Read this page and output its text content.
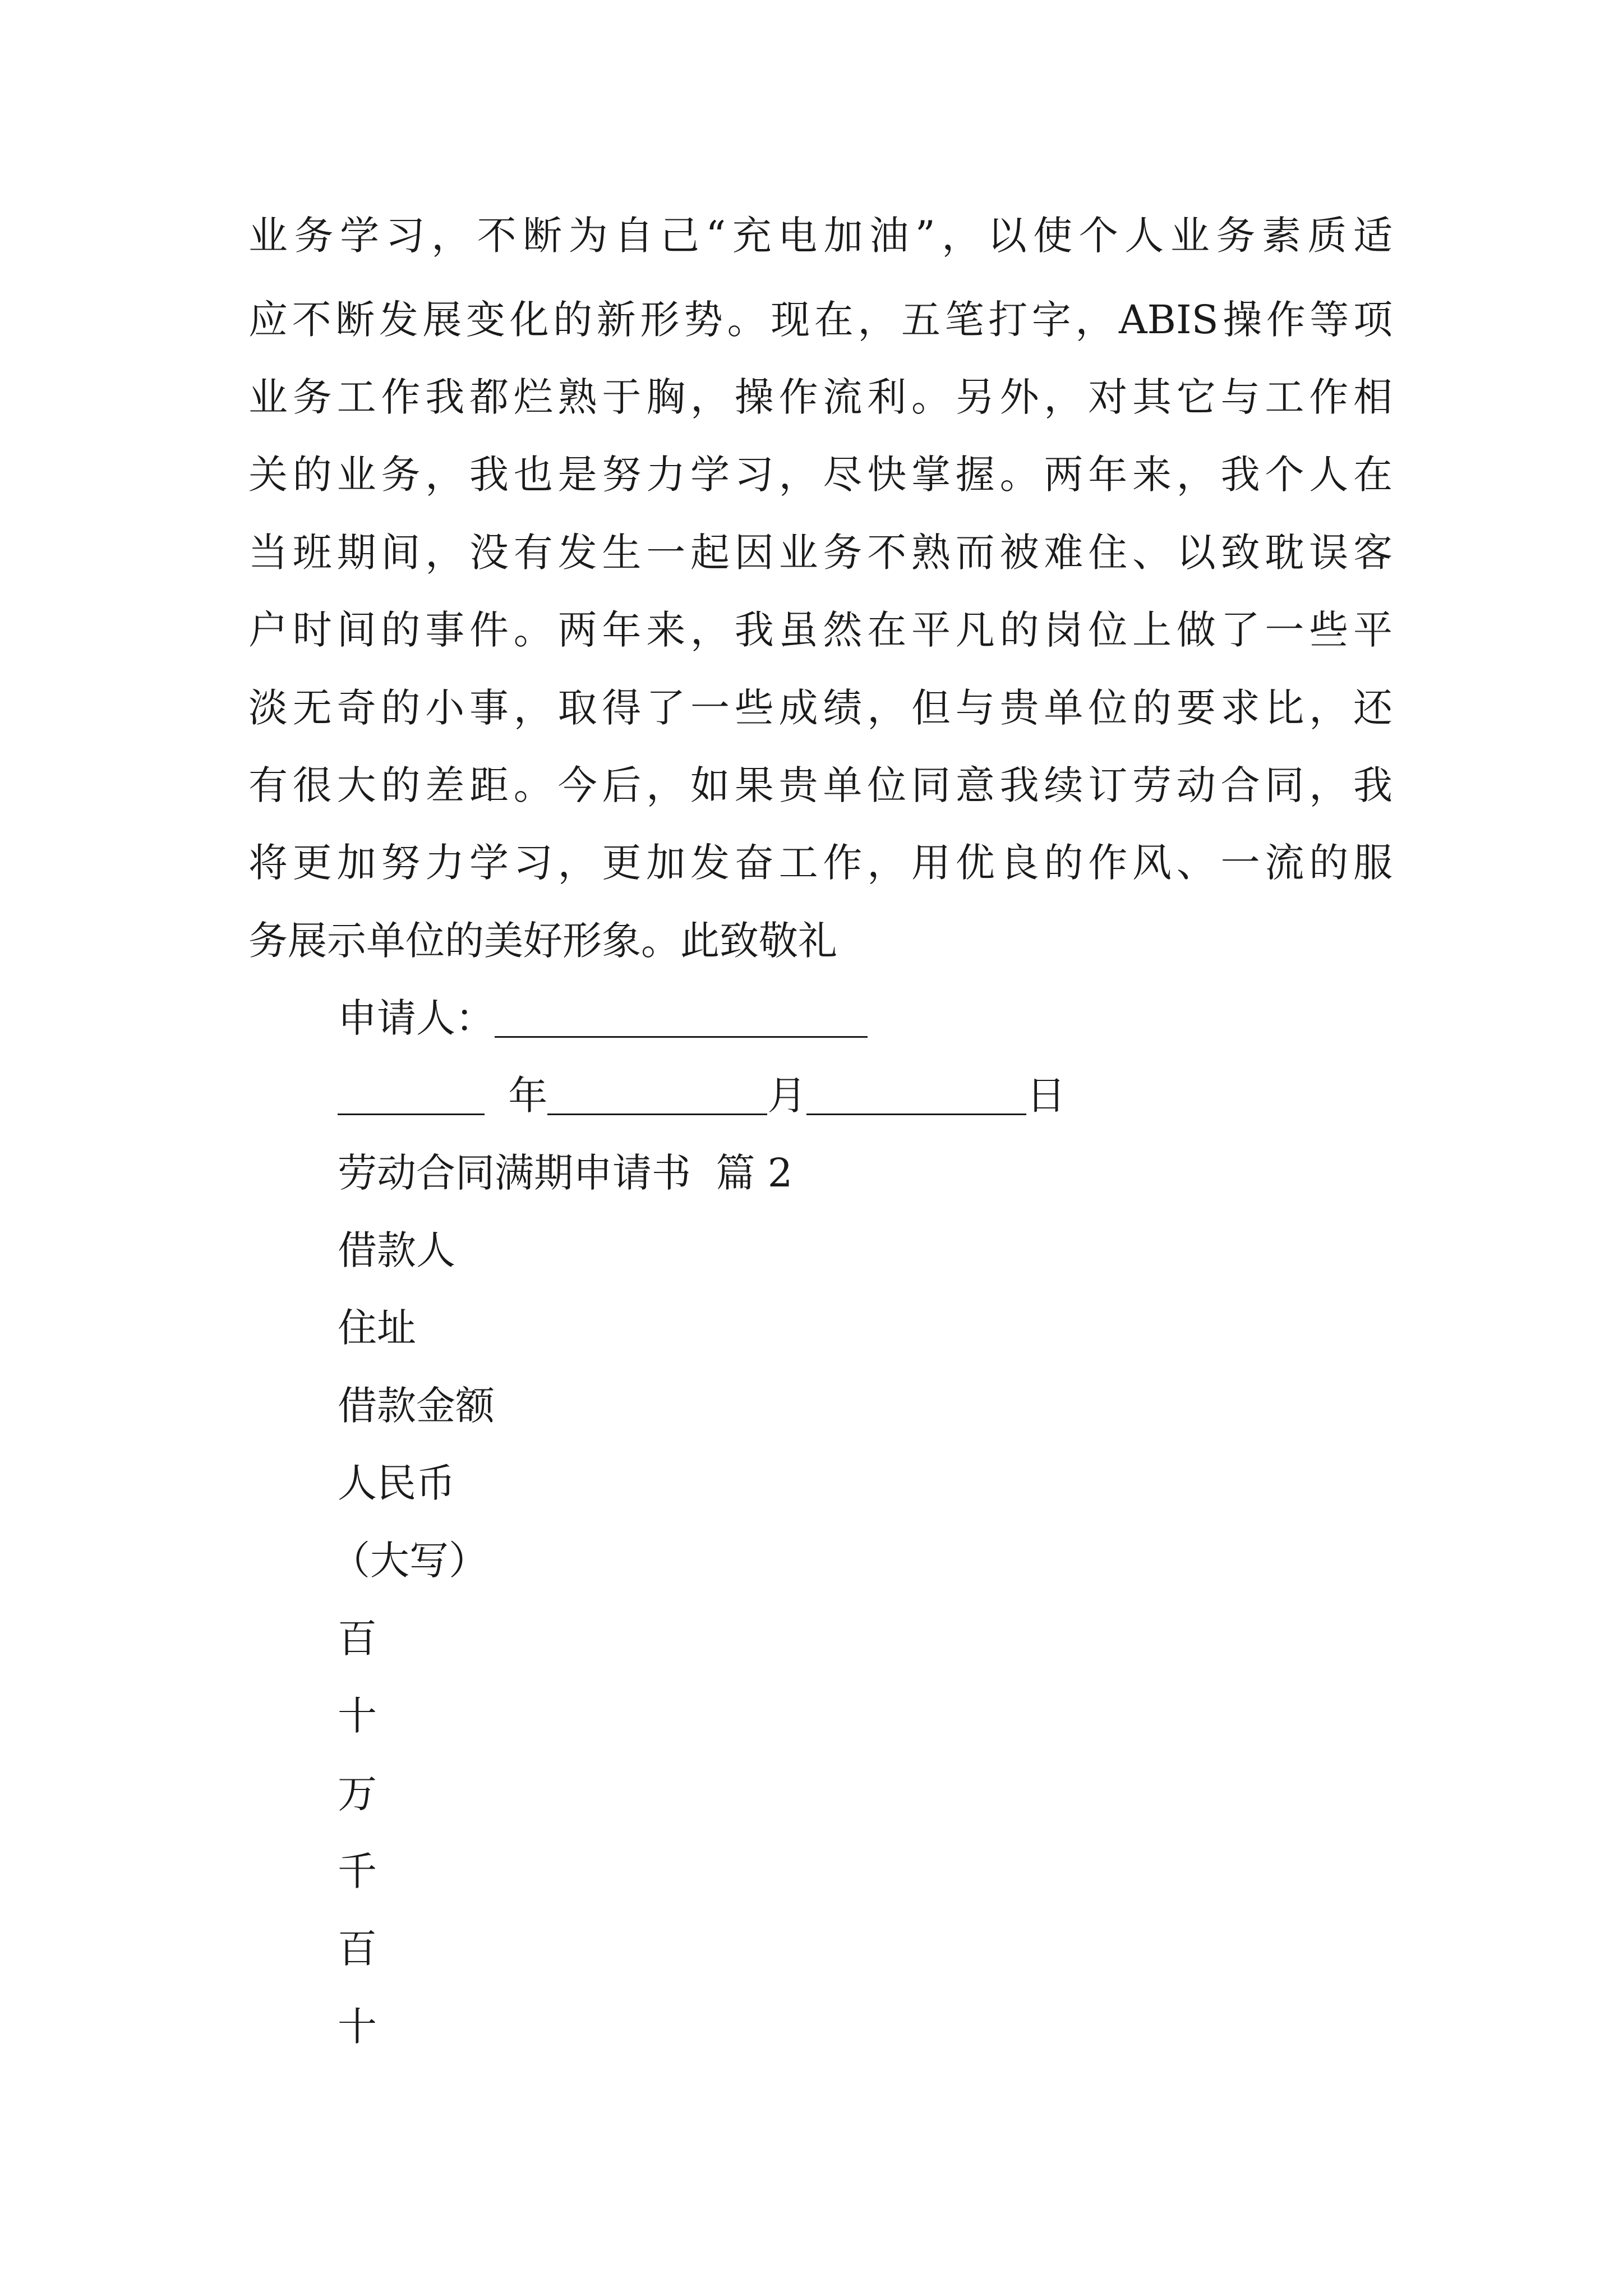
业务学习，不断为自己“充电加油”，以使个人业务素质适
应不断发展变化的新形势。现在，五笔打字，ABIS操作等项
业务工作我都烂熟于胸，操作流利。另外，对其它与工作相
关的业务，我也是努力学习，尽快掌握。两年来，我个人在
当班期间，没有发生一起因业务不熟而被难住、以致耽误客
户时间的事件。两年来，我虽然在平凡的岗位上做了一些平
淡无奇的小事，取得了一些成绩，但与贵单位的要求比，还
有很大的差距。今后，如果贵单位同意我续订劳动合同，我
将更加努力学习，更加发奋工作，用优良的作风、一流的服
务展示单位的美好形象。此致敬礼
申请人：
年	月	日
劳动合同满期申请书  篇 2
借款人
住址
借款金额
人民币
（大写）
百
十
万
千
百
十
